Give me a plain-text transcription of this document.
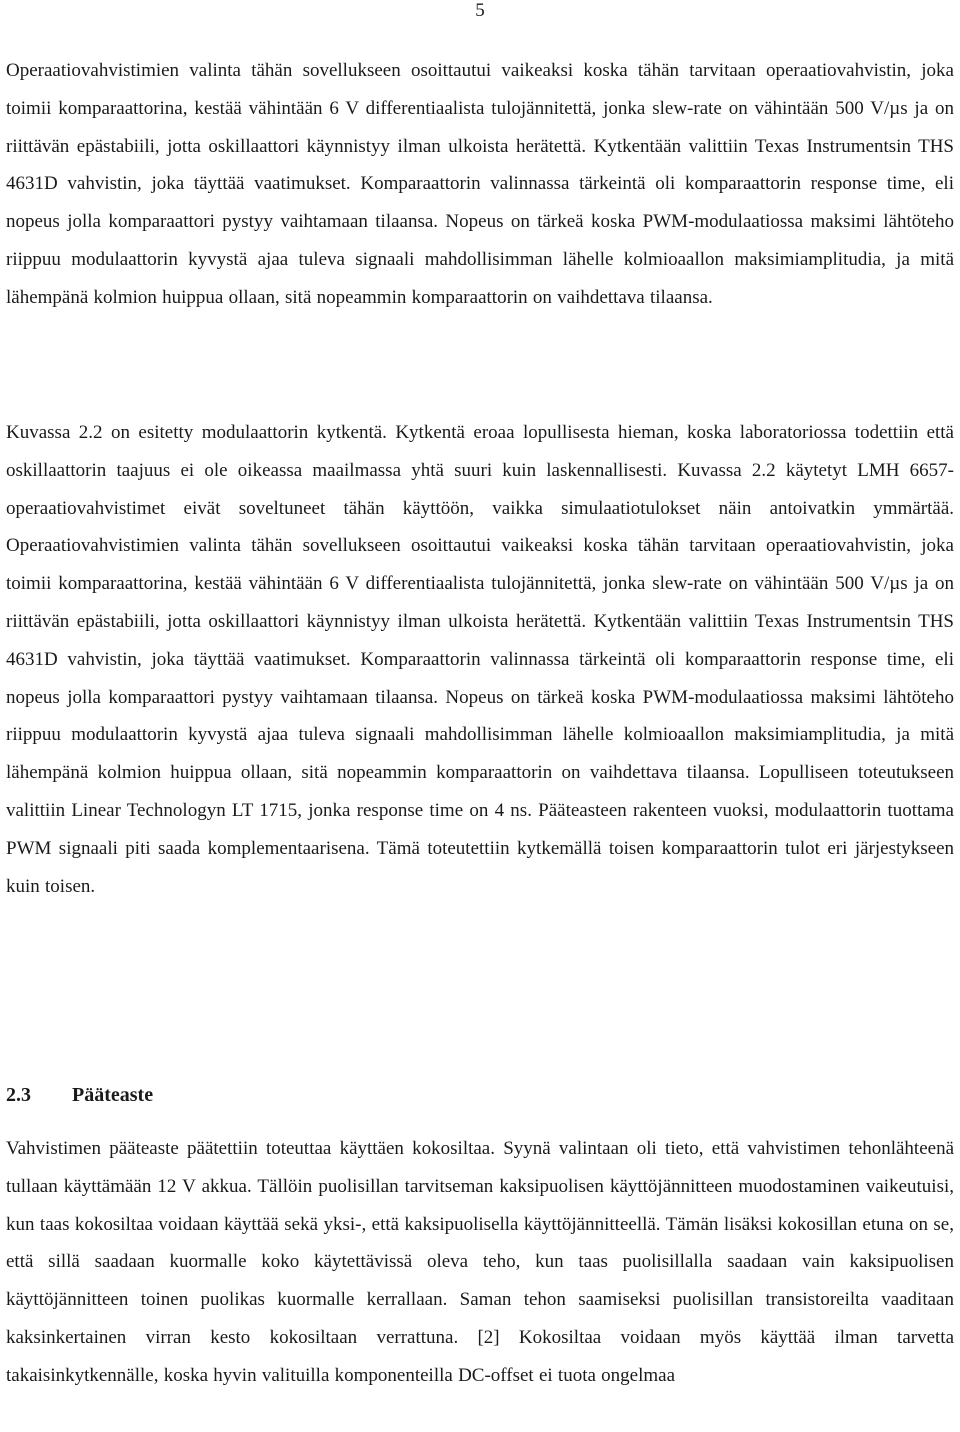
5

Operaatiovahvistimien valinta tähän sovellukseen osoittautui vaikeaksi koska tähän tarvitaan operaatiovahvistin, joka toimii komparaattorina, kestää vähintään 6 V differentiaalista tulojännitettä, jonka slew-rate on vähintään 500 V/µs ja on riittävän epästabiili, jotta oskillaattori käynnistyy ilman ulkoista herätettä. Kytkentään valittiin Texas Instrumentsin THS 4631D vahvistin, joka täyttää vaatimukset. Komparaattorin valinnassa tärkeintä oli komparaattorin response time, eli nopeus jolla komparaattori pystyy vaihtamaan tilaansa. Nopeus on tärkeä koska PWM-modulaatiossa maksimi lähtöteho riippuu modulaattorin kyvystä ajaa tuleva signaali mahdollisimman lähelle kolmioaallon maksimiamplitudia, ja mitä lähempänä kolmion huippua ollaan, sitä nopeammin komparaattorin on vaihdettava tilaansa.

Kuvassa 2.2 on esitetty modulaattorin kytkentä. Kytkentä eroaa lopullisesta hieman, koska laboratoriossa todettiin että oskillaattorin taajuus ei ole oikeassa maailmassa yhtä suuri kuin laskennallisesti. Kuvassa 2.2 käytetyt LMH 6657-operaatiovahvistimet eivät soveltuneet tähän käyttöön, vaikka simulaatiotulokset näin antoivatkin ymmärtää. Operaatiovahvistimien valinta tähän sovellukseen osoittautui vaikeaksi koska tähän tarvitaan operaatiovahvistin, joka toimii komparaattorina, kestää vähintään 6 V differentiaalista tulojännitettä, jonka slew-rate on vähintään 500 V/µs ja on riittävän epästabiili, jotta oskillaattori käynnistyy ilman ulkoista herätettä. Kytkentään valittiin Texas Instrumentsin THS 4631D vahvistin, joka täyttää vaatimukset. Komparaattorin valinnassa tärkeintä oli komparaattorin response time, eli nopeus jolla komparaattori pystyy vaihtamaan tilaansa. Nopeus on tärkeä koska PWM-modulaatiossa maksimi lähtöteho riippuu modulaattorin kyvystä ajaa tuleva signaali mahdollisimman lähelle kolmioaallon maksimiamplitudia, ja mitä lähempänä kolmion huippua ollaan, sitä nopeammin komparaattorin on vaihdettava tilaansa. Lopulliseen toteutukseen valittiin Linear Technologyn LT 1715, jonka response time on 4 ns. Pääteasteen rakenteen vuoksi, modulaattorin tuottama PWM signaali piti saada komplementaarisena. Tämä toteutettiin kytkemällä toisen komparaattorin tulot eri järjestykseen kuin toisen.

2.3 Pääteaste

Vahvistimen pääteaste päätettiin toteuttaa käyttäen kokosiltaa. Syynä valintaan oli tieto, että vahvistimen tehonlähteenä tullaan käyttämään 12 V akkua. Tällöin puolisillan tarvitseman kaksipuolisen käyttöjännitteen muodostaminen vaikeutuisi, kun taas kokosiltaa voidaan käyttää sekä yksi-, että kaksipuolisella käyttöjännitteellä. Tämän lisäksi kokosillan etuna on se, että sillä saadaan kuormalle koko käytettävissä oleva teho, kun taas puolisillalla saadaan vain kaksipuolisen käyttöjännitteen toinen puolikas kuormalle kerrallaan. Saman tehon saamiseksi puolisillan transistoreilta vaaditaan kaksinkertainen virran kesto kokosiltaan verrattuna. [2] Kokosiltaa voidaan myös käyttää ilman tarvetta takaisinkytkennälle, koska hyvin valituilla komponenteilla DC-offset ei tuota ongelmaa
